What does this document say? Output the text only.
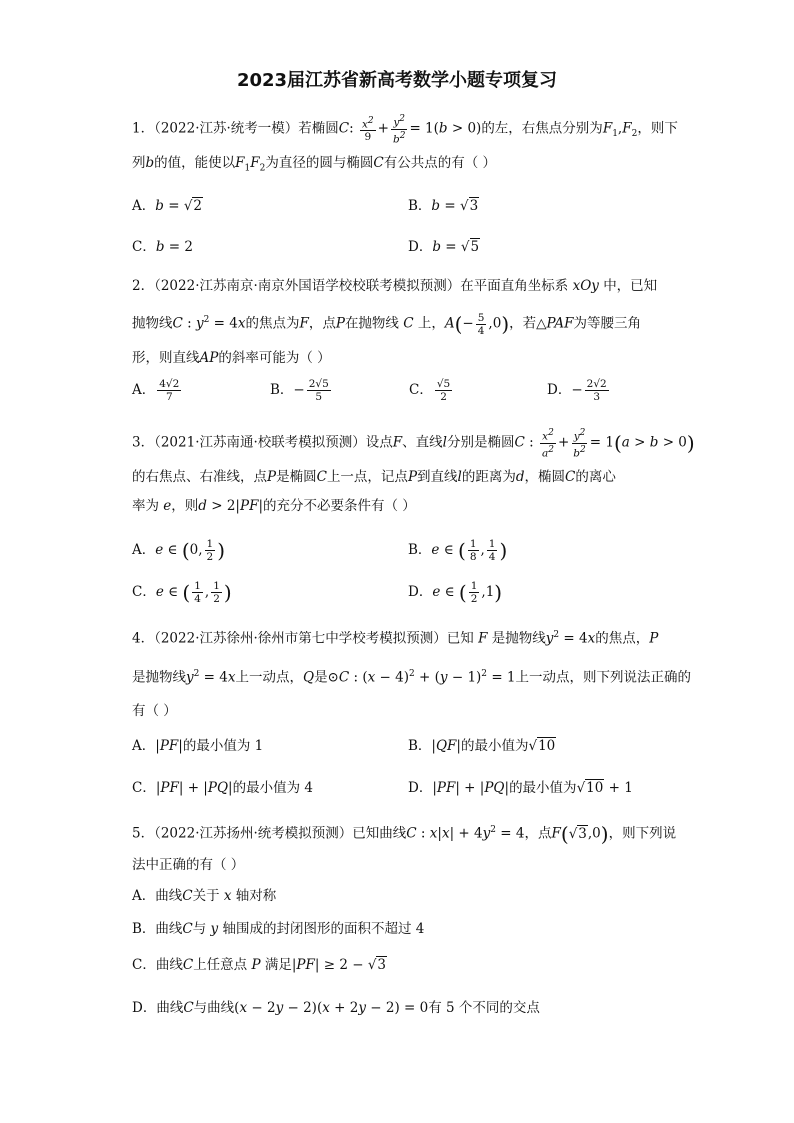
2023届江苏省新高考数学小题专项复习
1．（2022·江苏·统考一模）若椭圆C: $\frac{x^2}{9} + \frac{y^2}{b^2} = 1(b > 0)$的左，右焦点分别为$F_1,F_2$，则下
列b的值，能使以$F_1F_2$为直径的圆与椭圆C有公共点的有（ ）
A．b = √2	B．b = √3
C．b = 2	D．b = √5
2．（2022·江苏南京·南京外国语学校校联考模拟预测）在平面直角坐标系 xOy 中，已知
抛物线C : $y^2 = 4x$的焦点为F，点P在抛物线 C 上，$A(- \frac{5}{4} ,0)$，若△PAF为等腰三角
形，则直线AP的斜率可能为（ ）
A． $\frac{4√2}{7}$	B．− $\frac{2√5}{5}$	C． $\frac{√5}{2}$	D．− $\frac{2√2}{3}$
3．（2021·江苏南通·校联考模拟预测）设点F、直线l分别是椭圆C : $\frac{x^2}{a^2} + \frac{y^2}{b^2} = 1(a > b > 0)$
的右焦点、右准线，点P是椭圆C上一点，记点P到直线l的距离为d，椭圆C的离心
率为 e，则d > 2|PF|的充分不必要条件有（ ）
A．e ∈ (0, $\frac{1}{2}$ )	B．e ∈ ( $\frac{1}{8}$ , $\frac{1}{4}$ )
C．e ∈ ( $\frac{1}{4}$ , $\frac{1}{2}$ )	D．e ∈ ( $\frac{1}{2} ,1$)
4．（2022·江苏徐州·徐州市第七中学校考模拟预测）已知 F 是抛物线$y^2 = 4x$的焦点，P
是抛物线$y^2 = 4x$上一动点，Q是⊙C : $(x - 4)^2 + (y - 1)^2 = 1$上一动点，则下列说法正确的
有（ ）
A．|PF|的最小值为 1	B．|QF|的最小值为√10
C．|PF| + |PQ|的最小值为 4	D．|PF| + |PQ|的最小值为√10 + 1
5．（2022·江苏扬州·统考模拟预测）已知曲线C : $x|x| + 4y^2 = 4$，点F(√3,0)，则下列说
法中正确的有（ ）
A．曲线C关于 x 轴对称
B．曲线C与 y 轴围成的封闭图形的面积不超过 4
C．曲线C上任意点 P 满足|PF| ≥ 2 − √3
D．曲线C与曲线(x − 2y − 2)(x + 2y − 2) = 0有 5 个不同的交点
